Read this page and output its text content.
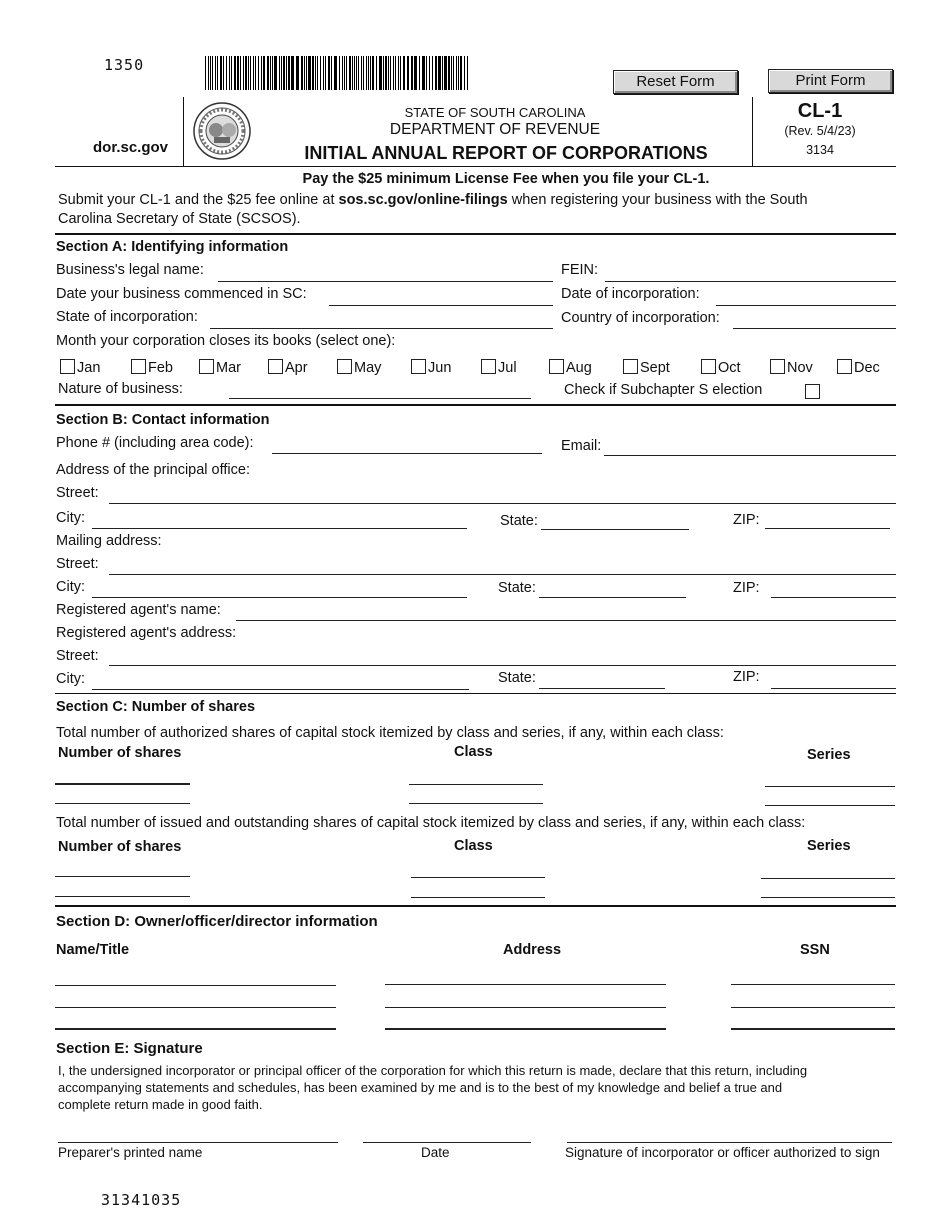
1350
Reset Form	Print Form
dor.sc.gov
STATE OF SOUTH CAROLINA
DEPARTMENT OF REVENUE
INITIAL ANNUAL REPORT OF CORPORATIONS
CL-1
(Rev. 5/4/23)
3134
Pay the $25 minimum License Fee when you file your CL-1.
Submit your CL-1 and the $25 fee online at sos.sc.gov/online-filings when registering your business with the South
Carolina Secretary of State (SCSOS).
Section A: Identifying information
Business's legal name:	FEIN:
Date your business commenced in SC:	Date of incorporation:
State of incorporation:	Country of incorporation:
Month your corporation closes its books (select one):
Jan	Feb	Mar	Apr	May	Jun	Jul	Aug	Sept	Oct	Nov	Dec
Nature of business:	Check if Subchapter S election
Section B: Contact information
Phone # (including area code):	Email:
Address of the principal office:
Street:
City:	State:	ZIP:
Mailing address:
Street:
City:	State:	ZIP:
Registered agent's name:
Registered agent's address:
Street:
City:	State:	ZIP:
Section C: Number of shares
Total number of authorized shares of capital stock itemized by class and series, if any, within each class:
Number of shares	Class	Series
Total number of issued and outstanding shares of capital stock itemized by class and series, if any, within each class:
Number of shares	Class	Series
Section D: Owner/officer/director information
Name/Title	Address	SSN
Section E: Signature
I, the undersigned incorporator or principal officer of the corporation for which this return is made, declare that this return, including
accompanying statements and schedules, has been examined by me and is to the best of my knowledge and belief a true and
complete return made in good faith.
Preparer's printed name	Date	Signature of incorporator or officer authorized to sign
31341035
